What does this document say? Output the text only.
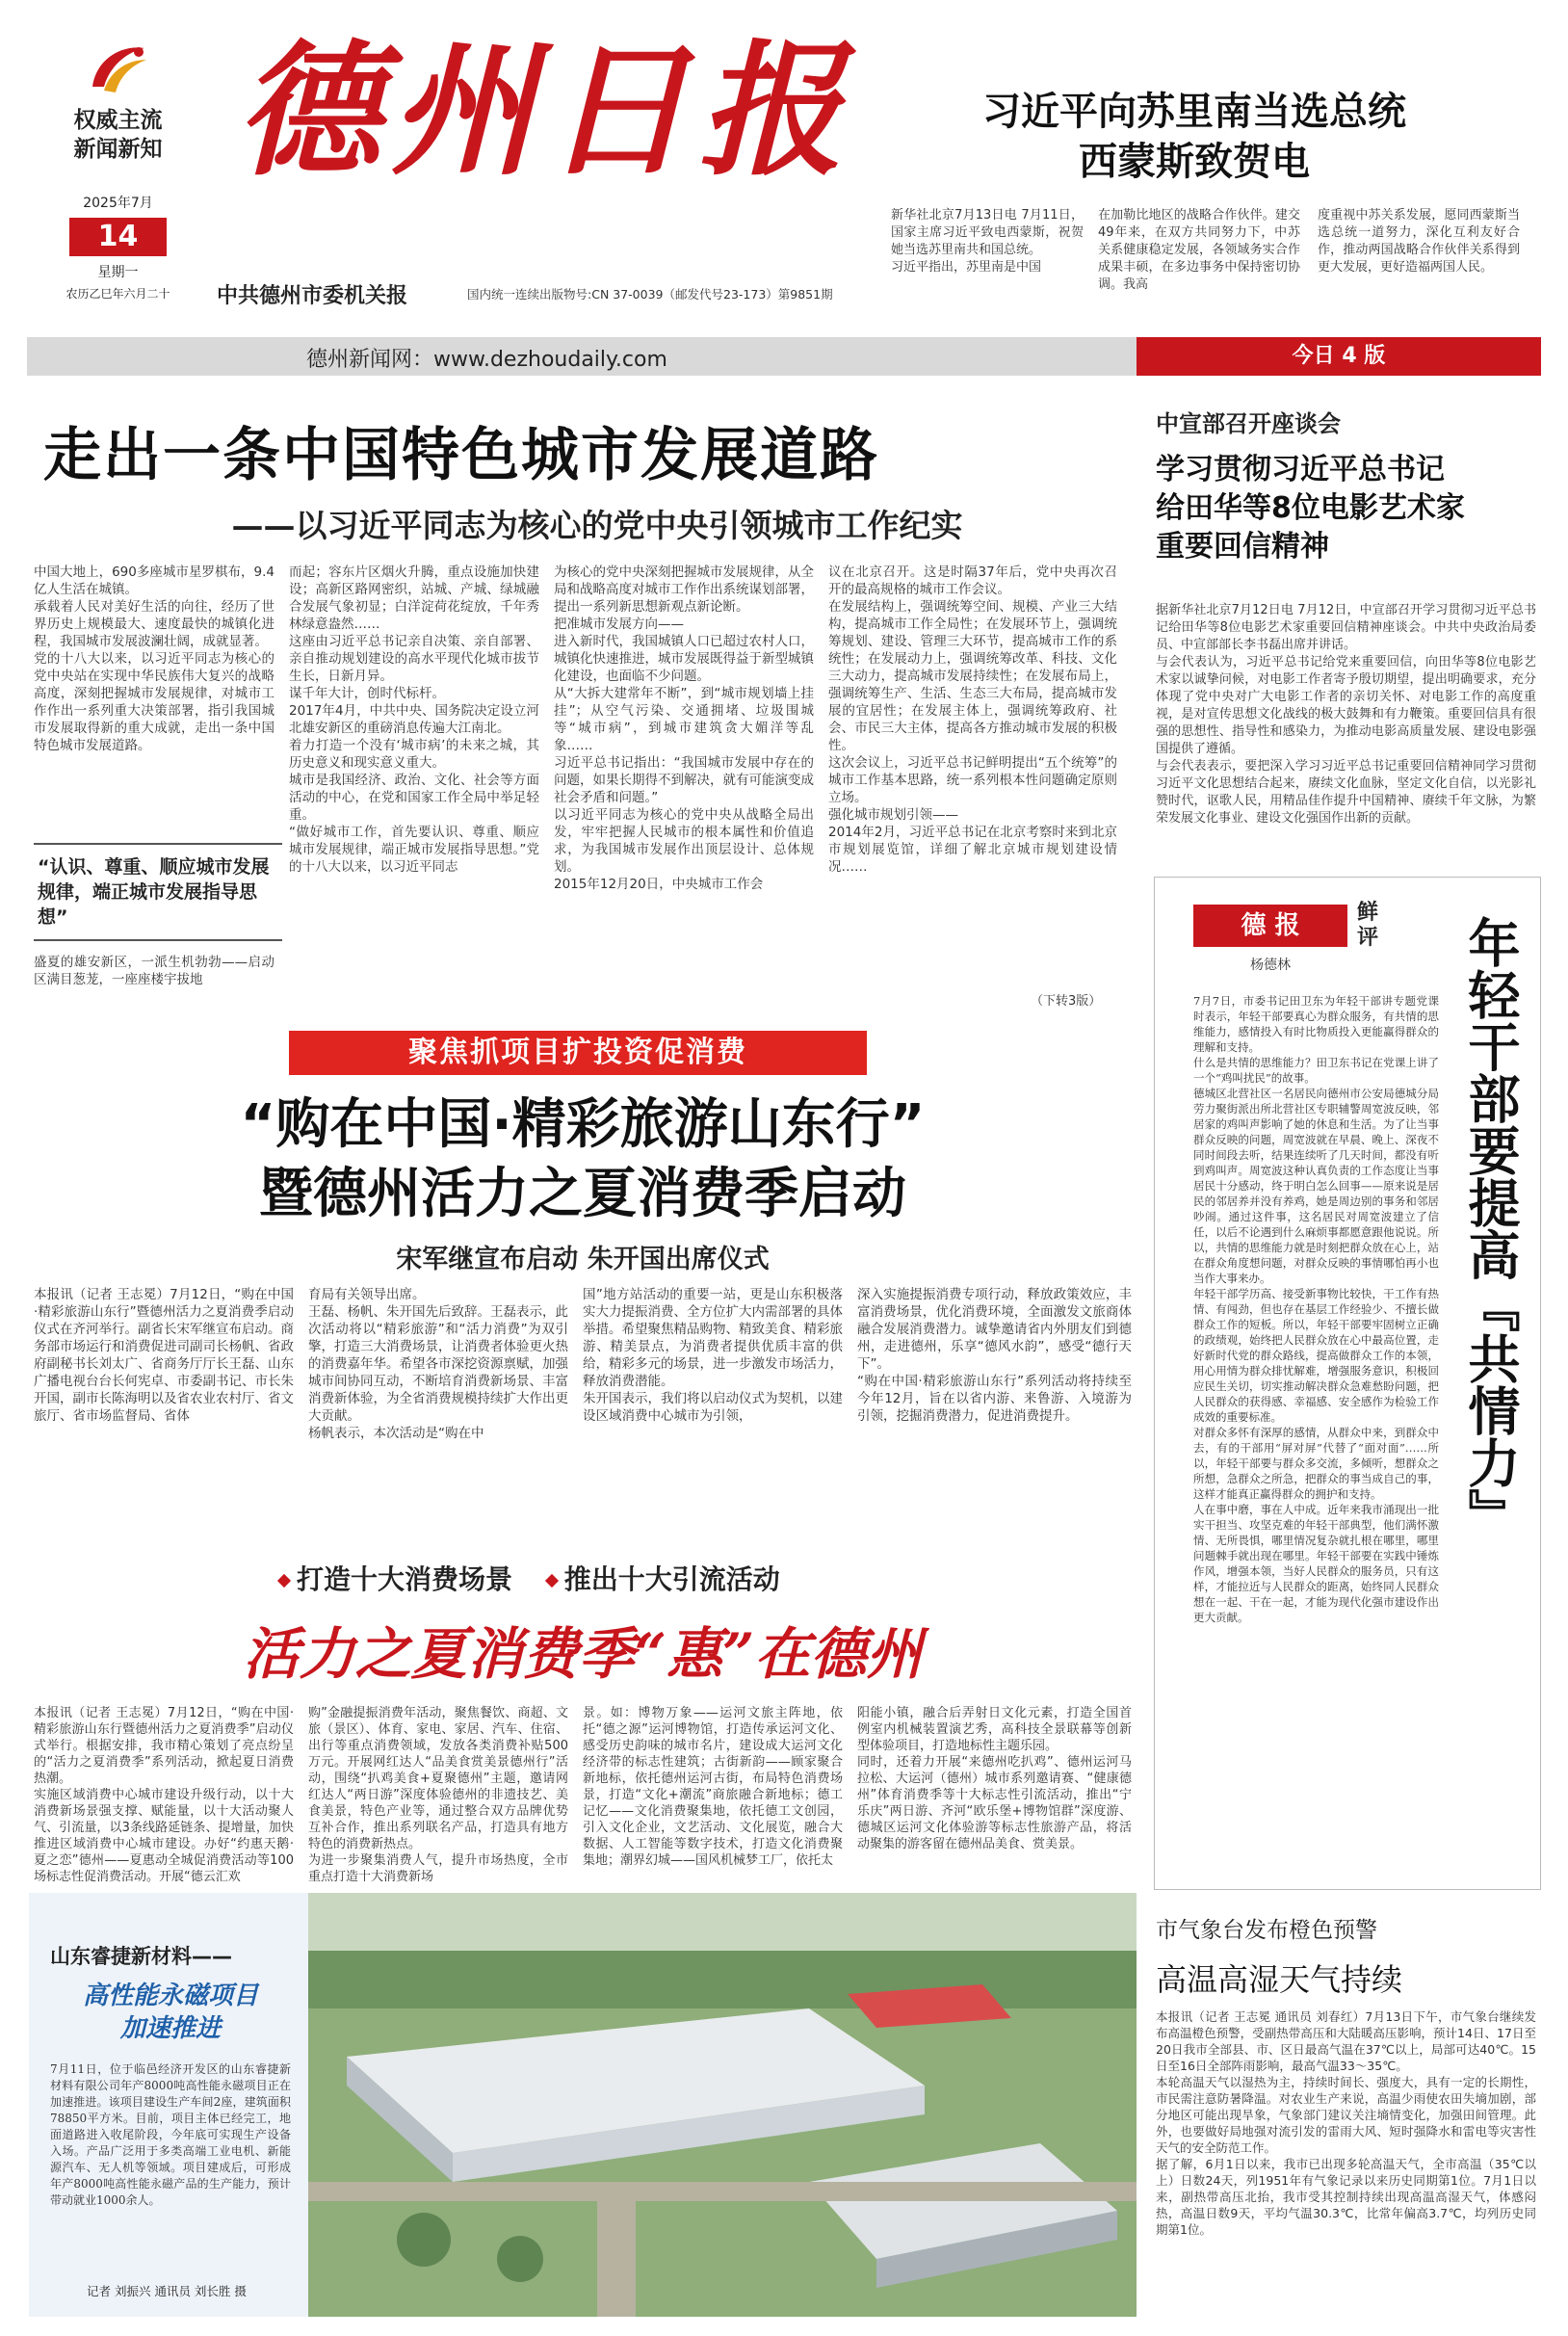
权威主流
新闻新知
2025年7月
14
星期一
农历乙巳年六月二十
德州日报
中共德州市委机关报	国内统一连续出版物号:CN 37-0039（邮发代号23-173）第9851期
习近平向苏里南当选总统
西蒙斯致贺电
新华社北京7月13日电 7月11日，国家主席习近平致电西蒙斯，祝贺她当选苏里南共和国总统。
习近平指出，苏里南是中国
在加勒比地区的战略合作伙伴。建交49年来，在双方共同努力下，中苏关系健康稳定发展，各领域务实合作成果丰硕，在多边事务中保持密切协调。我高
度重视中苏关系发展，愿同西蒙斯当选总统一道努力，深化互利友好合作，推动两国战略合作伙伴关系得到更大发展，更好造福两国人民。
德州新闻网：www.dezhoudaily.com	今日 4 版
走出一条中国特色城市发展道路
——以习近平同志为核心的党中央引领城市工作纪实
中国大地上，690多座城市星罗棋布，9.4亿人生活在城镇。
承载着人民对美好生活的向往，经历了世界历史上规模最大、速度最快的城镇化进程，我国城市发展波澜壮阔，成就显著。
党的十八大以来，以习近平同志为核心的党中央站在实现中华民族伟大复兴的战略高度，深刻把握城市发展规律，对城市工作作出一系列重大决策部署，指引我国城市发展取得新的重大成就，走出一条中国特色城市发展道路。
“认识、尊重、顺应城市发展规律，端正城市发展指导思想”
盛夏的雄安新区，一派生机勃勃——启动区满目葱茏，一座座楼宇拔地
而起；容东片区烟火升腾，重点设施加快建设；高新区路网密织，站城、产城、绿城融合发展气象初显；白洋淀荷花绽放，千年秀林绿意盎然……
这座由习近平总书记亲自决策、亲自部署、亲自推动规划建设的高水平现代化城市拔节生长，日新月异。
谋千年大计，创时代标杆。
2017年4月，中共中央、国务院决定设立河北雄安新区的重磅消息传遍大江南北。
着力打造一个没有‘城市病’的未来之城，其历史意义和现实意义重大。
城市是我国经济、政治、文化、社会等方面活动的中心，在党和国家工作全局中举足轻重。
“做好城市工作，首先要认识、尊重、顺应城市发展规律，端正城市发展指导思想。”党的十八大以来，以习近平同志
为核心的党中央深刻把握城市发展规律，从全局和战略高度对城市工作作出系统谋划部署，提出一系列新思想新观点新论断。
把准城市发展方向——
进入新时代，我国城镇人口已超过农村人口，城镇化快速推进，城市发展既得益于新型城镇化建设，也面临不少问题。
从“大拆大建常年不断”，到“城市规划墙上挂挂”；从空气污染、交通拥堵、垃圾围城等“城市病”，到城市建筑贪大媚洋等乱象……
习近平总书记指出：“我国城市发展中存在的问题，如果长期得不到解决，就有可能演变成社会矛盾和问题。”
以习近平同志为核心的党中央从战略全局出发，牢牢把握人民城市的根本属性和价值追求，为我国城市发展作出顶层设计、总体规划。
2015年12月20日，中央城市工作会
议在北京召开。这是时隔37年后，党中央再次召开的最高规格的城市工作会议。
在发展结构上，强调统筹空间、规模、产业三大结构，提高城市工作全局性；在发展环节上，强调统筹规划、建设、管理三大环节，提高城市工作的系统性；在发展动力上，强调统筹改革、科技、文化三大动力，提高城市发展持续性；在发展布局上，强调统筹生产、生活、生态三大布局，提高城市发展的宜居性；在发展主体上，强调统筹政府、社会、市民三大主体，提高各方推动城市发展的积极性。
这次会议上，习近平总书记鲜明提出“五个统筹”的城市工作基本思路，统一系列根本性问题确定原则立场。
强化城市规划引领——
2014年2月，习近平总书记在北京考察时来到北京市规划展览馆，详细了解北京城市规划建设情况……
（下转3版）
中宣部召开座谈会
学习贯彻习近平总书记
给田华等8位电影艺术家
重要回信精神
据新华社北京7月12日电 7月12日，中宣部召开学习贯彻习近平总书记给田华等8位电影艺术家重要回信精神座谈会。中共中央政治局委员、中宣部部长李书磊出席并讲话。
与会代表认为，习近平总书记给党来重要回信，向田华等8位电影艺术家以诚挚问候，对电影工作者寄予殷切期望，提出明确要求，充分体现了党中央对广大电影工作者的亲切关怀、对电影工作的高度重视，是对宣传思想文化战线的极大鼓舞和有力鞭策。重要回信具有很强的思想性、指导性和感染力，为推动电影高质量发展、建设电影强国提供了遵循。
与会代表表示，要把深入学习习近平总书记重要回信精神同学习贯彻习近平文化思想结合起来，赓续文化血脉，坚定文化自信，以光影礼赞时代，讴歌人民，用精品佳作提升中国精神、赓续千年文脉，为繁荣发展文化事业、建设文化强国作出新的贡献。
德 报	鲜
评
杨德林	年轻干部要提高『共情力』
7月7日，市委书记田卫东为年轻干部讲专题党课时表示，年轻干部要真心为群众服务，有共情的思维能力，感情投入有时比物质投入更能赢得群众的理解和支持。
什么是共情的思维能力？田卫东书记在党课上讲了一个“鸡叫扰民”的故事。
德城区北营社区一名居民向德州市公安局德城分局劳力聚街派出所北营社区专职辅警周宽波反映，邻居家的鸡叫声影响了她的休息和生活。为了让当事群众反映的问题，周宽波就在早晨、晚上、深夜不同时间段去听，结果连续听了几天时间，都没有听到鸡叫声。周宽波这种认真负责的工作态度让当事居民十分感动，终于明白怎么回事——原来说是居民的邻居养并没有养鸡，她是周边别的事务和邻居吵闹。通过这件事，这名居民对周宽波建立了信任，以后不论遇到什么麻烦事都愿意跟他说说。所以，共情的思维能力就是时刻把群众放在心上，站在群众角度想问题，对群众反映的事情哪怕再小也当作大事来办。
年轻干部学历高、接受新事物比较快，干工作有热情、有闯劲，但也存在基层工作经验少、不擅长做群众工作的短板。所以，年轻干部要牢固树立正确的政绩观，始终把人民群众放在心中最高位置，走好新时代党的群众路线，提高做群众工作的本领，用心用情为群众排忧解难，增强服务意识，积极回应民生关切，切实推动解决群众急难愁盼问题，把人民群众的获得感、幸福感、安全感作为检验工作成效的重要标准。
对群众多怀有深厚的感情，从群众中来，到群众中去，有的干部用“屏对屏”代替了“面对面”……所以，年轻干部要与群众多交流，多倾听，想群众之所想，急群众之所急，把群众的事当成自己的事，这样才能真正赢得群众的拥护和支持。
人在事中磨，事在人中成。近年来我市涌现出一批实干担当、攻坚克难的年轻干部典型，他们满怀激情、无所畏惧，哪里情况复杂就扎根在哪里，哪里问题棘手就出现在哪里。年轻干部要在实践中锤炼作风，增强本领，当好人民群众的服务员，只有这样，才能拉近与人民群众的距离，始终同人民群众想在一起、干在一起，才能为现代化强市建设作出更大贡献。
聚焦抓项目扩投资促消费
“购在中国·精彩旅游山东行”
暨德州活力之夏消费季启动
宋军继宣布启动 朱开国出席仪式
本报讯（记者 王志冕）7月12日，“购在中国·精彩旅游山东行”暨德州活力之夏消费季启动仪式在齐河举行。副省长宋军继宣布启动。商务部市场运行和消费促进司副司长杨帆、省政府副秘书长刘太广、省商务厅厅长王磊、山东广播电视台台长何宪卓、市委副书记、市长朱开国，副市长陈海明以及省农业农村厅、省文旅厅、省市场监督局、省体
育局有关领导出席。
王磊、杨帆、朱开国先后致辞。王磊表示，此次活动将以“精彩旅游”和“活力消费”为双引擎，打造三大消费场景，让消费者体验更火热的消费嘉年华。希望各市深挖资源禀赋，加强城市间协同互动，不断培育消费新场景、丰富消费新体验，为全省消费规模持续扩大作出更大贡献。
杨帆表示，本次活动是“购在中
国”地方站活动的重要一站，更是山东积极落实大力提振消费、全方位扩大内需部署的具体举措。希望聚焦精品购物、精致美食、精彩旅游、精美景点，为消费者提供优质丰富的供给，精彩多元的场景，进一步激发市场活力，释放消费潜能。
朱开国表示，我们将以启动仪式为契机，以建设区域消费中心城市为引领，
深入实施提振消费专项行动，释放政策效应，丰富消费场景，优化消费环境，全面激发文旅商体融合发展消费潜力。诚挚邀请省内外朋友们到德州，走进德州，乐享“德风水韵”，感受“德行天下”。
“购在中国·精彩旅游山东行”系列活动将持续至今年12月，旨在以省内游、来鲁游、入境游为引领，挖掘消费潜力，促进消费提升。
打造十大消费场景 推出十大引流活动
活力之夏消费季“惠”在德州
本报讯（记者 王志冕）7月12日，“购在中国·精彩旅游山东行暨德州活力之夏消费季”启动仪式举行。根据安排，我市精心策划了亮点纷呈的“活力之夏消费季”系列活动，掀起夏日消费热潮。
实施区域消费中心城市建设升级行动，以十大消费新场景强支撑、赋能量，以十大活动聚人气、引流量，以3条线路延链条、提增量，加快推进区域消费中心城市建设。办好“约惠天鹅·夏之恋”德州——夏惠动全城促消费活动等100场标志性促消费活动。开展“德云汇欢
购”金融提振消费年活动，聚焦餐饮、商超、文旅（景区）、体育、家电、家居、汽车、住宿、出行等重点消费领域，发放各类消费补贴500万元。开展网红达人“品美食赏美景德州行”活动，围绕“扒鸡美食+夏聚德州”主题，邀请网红达人“两日游”深度体验德州的非遗技艺、美食美景，特色产业等，通过整合双方品牌优势互补合作，推出系列联名产品，打造具有地方特色的消费新热点。
为进一步聚集消费人气，提升市场热度，全市重点打造十大消费新场
景。如：博物万象——运河文旅主阵地，依托“德之源”运河博物馆，打造传承运河文化、感受历史韵味的城市名片，建设成大运河文化经济带的标志性建筑；古街新韵——顾家聚合新地标，依托德州运河古街，布局特色消费场景，打造“文化+潮流”商旅融合新地标；德工记忆——文化消费聚集地，依托德工文创园，引入文化企业，文艺活动、文化展览，融合大数据、人工智能等数字技术，打造文化消费聚集地；潮界幻城——国风机械梦工厂，依托太
阳能小镇，融合后弄射日文化元素，打造全国首例室内机械装置演艺秀，高科技全景联幕等创新型体验项目，打造地标性主题乐园。
同时，还着力开展“来德州吃扒鸡”、德州运河马拉松、大运河（德州）城市系列邀请赛、“健康德州”体育消费季等十大标志性引流活动，推出“宁乐庆”两日游、齐河“欧乐堡+博物馆群”深度游、德城区运河文化体验游等标志性旅游产品，将活动聚集的游客留在德州品美食、赏美景。
山东睿捷新材料——
高性能永磁项目
加速推进
7月11日，位于临邑经济开发区的山东睿捷新材料有限公司年产8000吨高性能永磁项目正在加速推进。该项目建设生产车间2座，建筑面积78850平方米。目前，项目主体已经完工，地面道路进入收尾阶段，今年底可实现生产设备入场。产品广泛用于多类高端工业电机、新能源汽车、无人机等领域。项目建成后，可形成年产8000吨高性能永磁产品的生产能力，预计带动就业1000余人。
记者 刘振兴 通讯员 刘长胜 摄
市气象台发布橙色预警
高温高湿天气持续
本报讯（记者 王志冕 通讯员 刘春红）7月13日下午，市气象台继续发布高温橙色预警，受副热带高压和大陆暖高压影响，预计14日、17日至20日我市全部县、市、区日最高气温在37℃以上，局部可达40℃。15日至16日全部阵雨影响，最高气温33～35℃。
本轮高温天气以湿热为主，持续时间长、强度大，具有一定的长期性，市民需注意防暑降温。对农业生产来说，高温少雨使农田失墒加剧，部分地区可能出现旱象，气象部门建议关注墒情变化，加强田间管理。此外，也要做好局地强对流引发的雷雨大风、短时强降水和雷电等灾害性天气的安全防范工作。
据了解，6月1日以来，我市已出现多轮高温天气，全市高温（35℃以上）日数24天，列1951年有气象记录以来历史同期第1位。7月1日以来，副热带高压北抬，我市受其控制持续出现高温高湿天气，体感闷热，高温日数9天，平均气温30.3℃，比常年偏高3.7℃，均列历史同期第1位。
